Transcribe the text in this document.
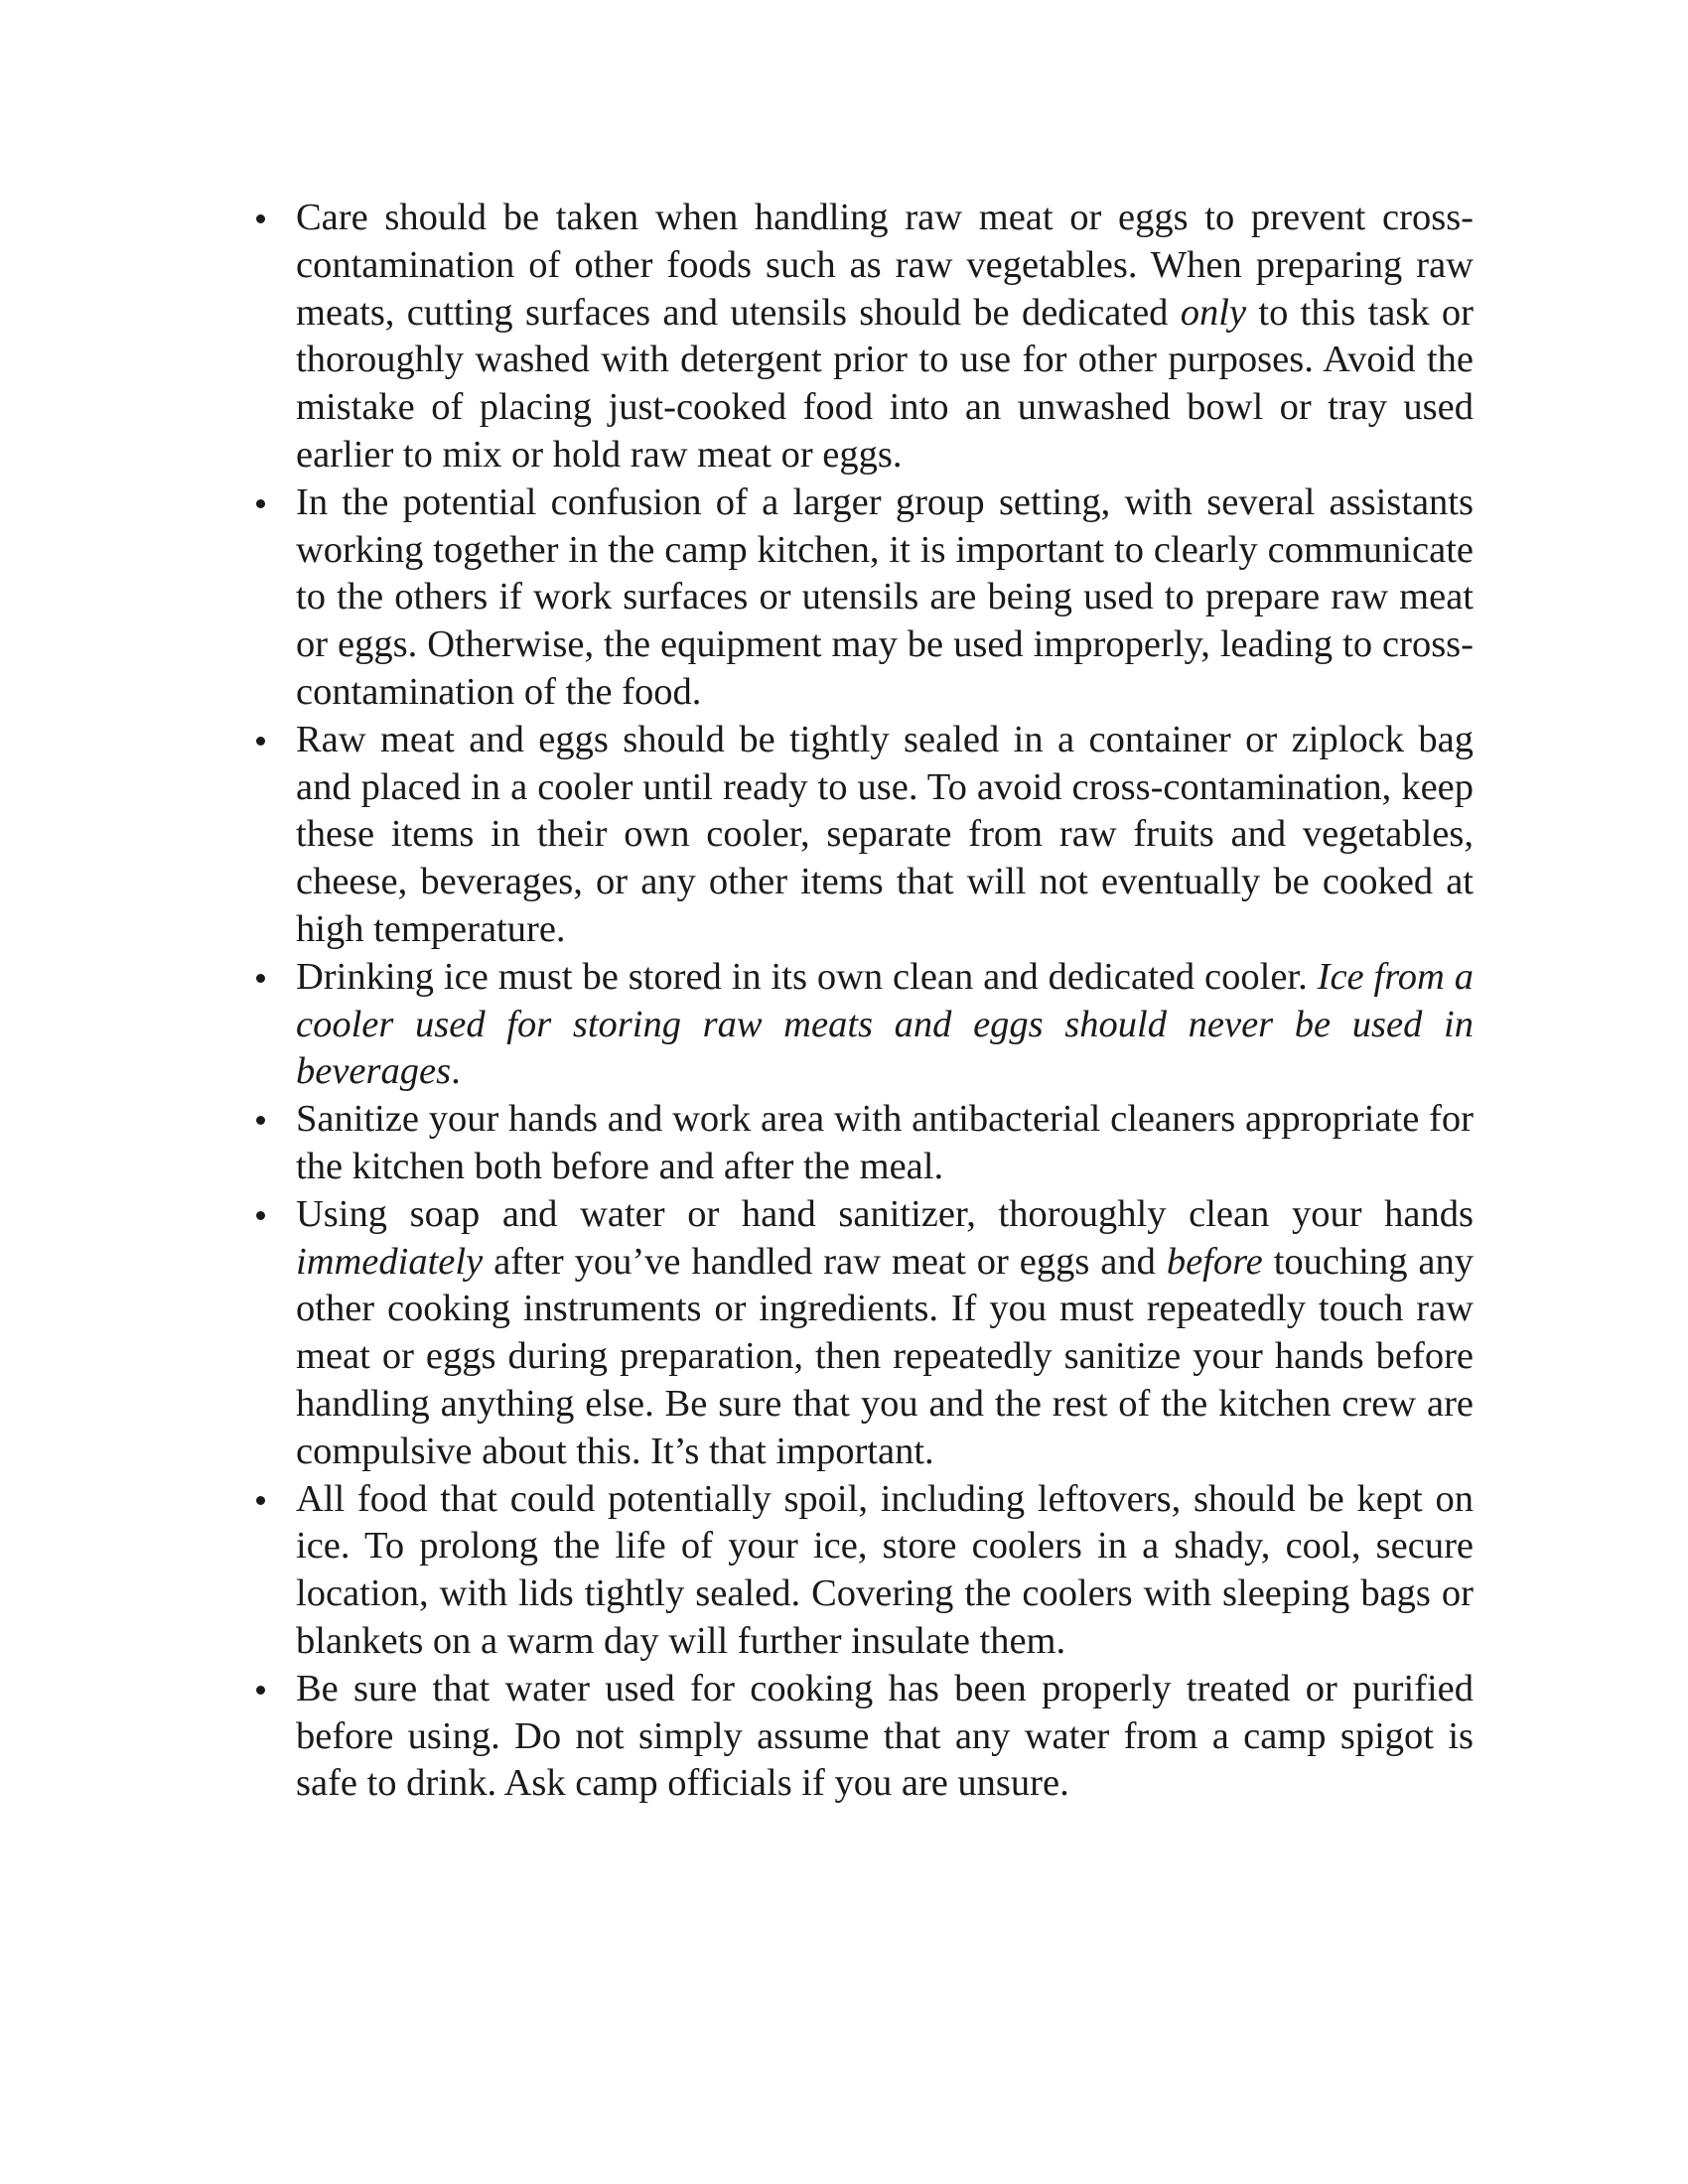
Care should be taken when handling raw meat or eggs to prevent cross-contamination of other foods such as raw vegetables. When preparing raw meats, cutting surfaces and utensils should be dedicated only to this task or thoroughly washed with detergent prior to use for other purposes. Avoid the mistake of placing just-cooked food into an unwashed bowl or tray used earlier to mix or hold raw meat or eggs.
In the potential confusion of a larger group setting, with several assistants working together in the camp kitchen, it is important to clearly communicate to the others if work surfaces or utensils are being used to prepare raw meat or eggs. Otherwise, the equipment may be used improperly, leading to cross-contamination of the food.
Raw meat and eggs should be tightly sealed in a container or ziplock bag and placed in a cooler until ready to use. To avoid cross-contamination, keep these items in their own cooler, separate from raw fruits and vegetables, cheese, beverages, or any other items that will not eventually be cooked at high temperature.
Drinking ice must be stored in its own clean and dedicated cooler. Ice from a cooler used for storing raw meats and eggs should never be used in beverages.
Sanitize your hands and work area with antibacterial cleaners appropriate for the kitchen both before and after the meal.
Using soap and water or hand sanitizer, thoroughly clean your hands immediately after you’ve handled raw meat or eggs and before touching any other cooking instruments or ingredients. If you must repeatedly touch raw meat or eggs during preparation, then repeatedly sanitize your hands before handling anything else. Be sure that you and the rest of the kitchen crew are compulsive about this. It’s that important.
All food that could potentially spoil, including leftovers, should be kept on ice. To prolong the life of your ice, store coolers in a shady, cool, secure location, with lids tightly sealed. Covering the coolers with sleeping bags or blankets on a warm day will further insulate them.
Be sure that water used for cooking has been properly treated or purified before using. Do not simply assume that any water from a camp spigot is safe to drink. Ask camp officials if you are unsure.
